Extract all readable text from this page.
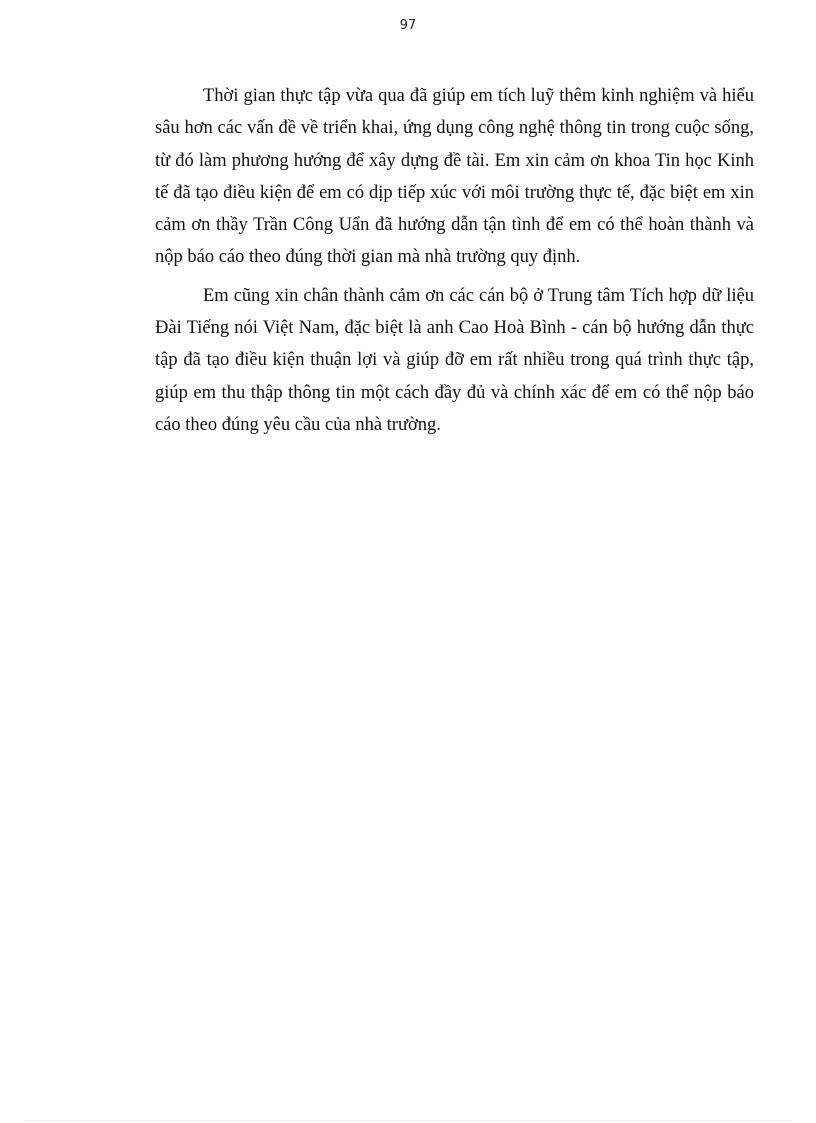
97

Thời gian thực tập vừa qua đã giúp em tích luỹ thêm kinh nghiệm và hiểu sâu hơn các vấn đề về triển khai, ứng dụng công nghệ thông tin trong cuộc sống, từ đó làm phương hướng để xây dựng đề tài. Em xin cảm ơn khoa Tin học Kinh tế đã tạo điều kiện để em có dịp tiếp xúc với môi trường thực tế, đặc biệt em xin cảm ơn thầy Trần Công Uẩn đã hướng dẫn tận tình để em có thể hoàn thành và nộp báo cáo theo đúng thời gian mà nhà trường quy định.

Em cũng xin chân thành cảm ơn các cán bộ ở Trung tâm Tích hợp dữ liệu Đài Tiếng nói Việt Nam, đặc biệt là anh Cao Hoà Bình - cán bộ hướng dẫn thực tập đã tạo điều kiện thuận lợi và giúp đỡ em rất nhiều trong quá trình thực tập, giúp em thu thập thông tin một cách đầy đủ và chính xác để em có thể nộp báo cáo theo đúng yêu cầu của nhà trường.
